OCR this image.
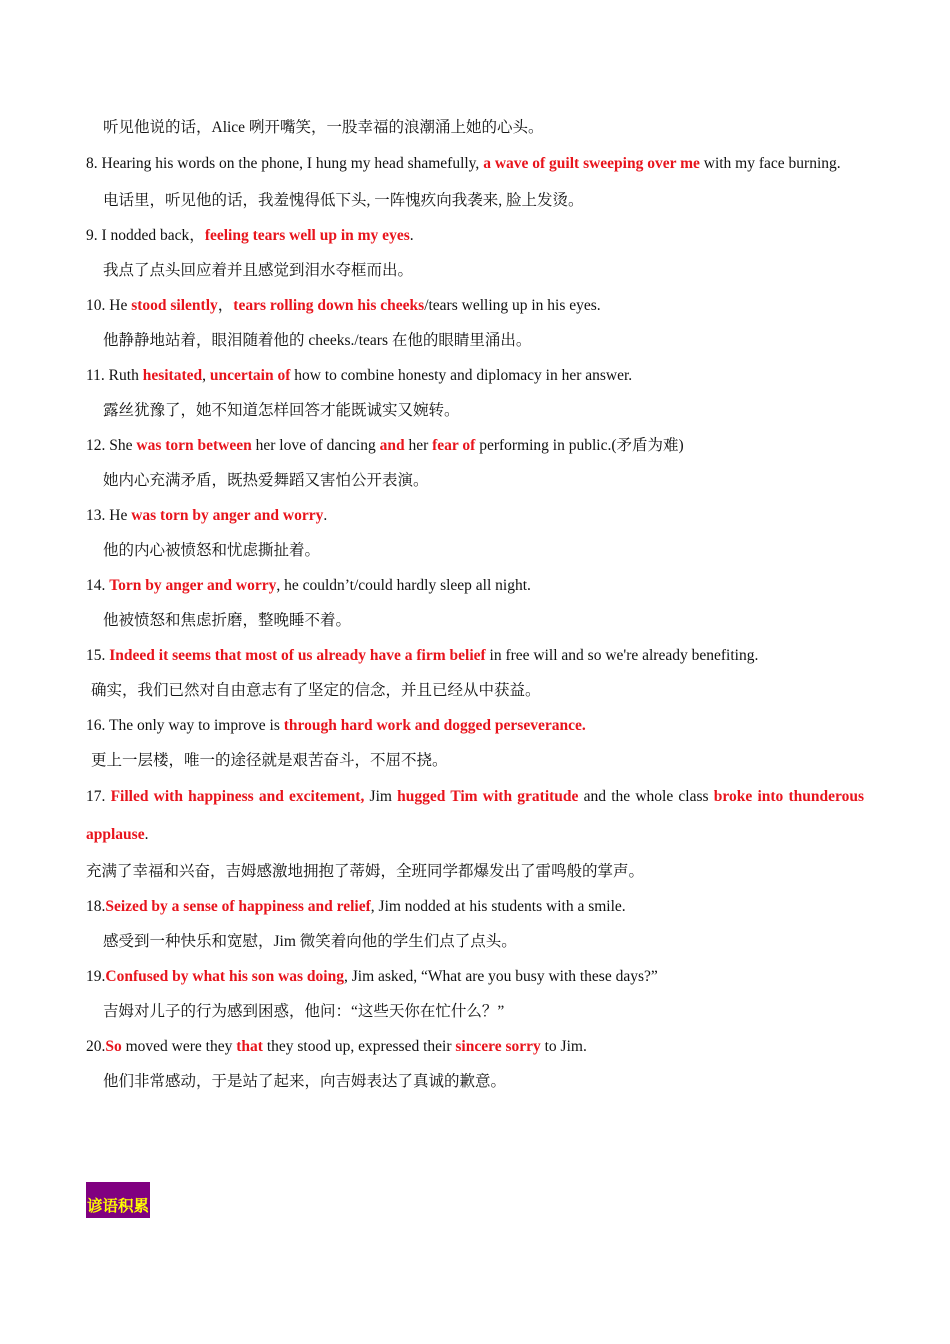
听见他说的话，Alice 咧开嘴笑，一股幸福的浪潮涌上她的心头。

8. Hearing his words on the phone, I hung my head shamefully, a wave of guilt sweeping over me with my face burning.

电话里，听见他的话，我羞愧得低下头, 一阵愧疚向我袭来, 脸上发烫。

9. I nodded back，feeling tears well up in my eyes.

我点了点头回应着并且感觉到泪水夺框而出。

10. He stood silently，tears rolling down his cheeks/tears welling up in his eyes.

他静静地站着，眼泪随着他的 cheeks./tears 在他的眼睛里涌出。

11. Ruth hesitated, uncertain of how to combine honesty and diplomacy in her answer.

露丝犹豫了，她不知道怎样回答才能既诚实又婉转。

12. She was torn between her love of dancing and her fear of performing in public.(矛盾为难)

她内心充满矛盾，既热爱舞蹈又害怕公开表演。

13. He was torn by anger and worry.

他的内心被愤怒和忧虑撕扯着。

14. Torn by anger and worry, he couldn’t/could hardly sleep all night.

他被愤怒和焦虑折磨，整晚睡不着。

15. Indeed it seems that most of us already have a firm belief in free will and so we're already benefiting.

确实，我们已然对自由意志有了坚定的信念，并且已经从中获益。

16. The only way to improve is through hard work and dogged perseverance.

更上一层楼，唯一的途径就是艰苦奋斗，不屈不挠。

17. Filled with happiness and excitement, Jim hugged Tim with gratitude and the whole class broke into thunderous applause.

充满了幸福和兴奋，吉姆感激地拥抱了蒂姆，全班同学都爆发出了雷鸣般的掌声。

18.Seized by a sense of happiness and relief, Jim nodded at his students with a smile.

感受到一种快乐和宽慰，Jim 微笑着向他的学生们点了点头。

19.Confused by what his son was doing, Jim asked, “What are you busy with these days?”

吉姆对儿子的行为感到困惑，他问：“这些天你在忙什么？”

20.So moved were they that they stood up, expressed their sincere sorry to Jim.

他们非常感动，于是站了起来，向吉姆表达了真诚的歉意。

谚语积累
